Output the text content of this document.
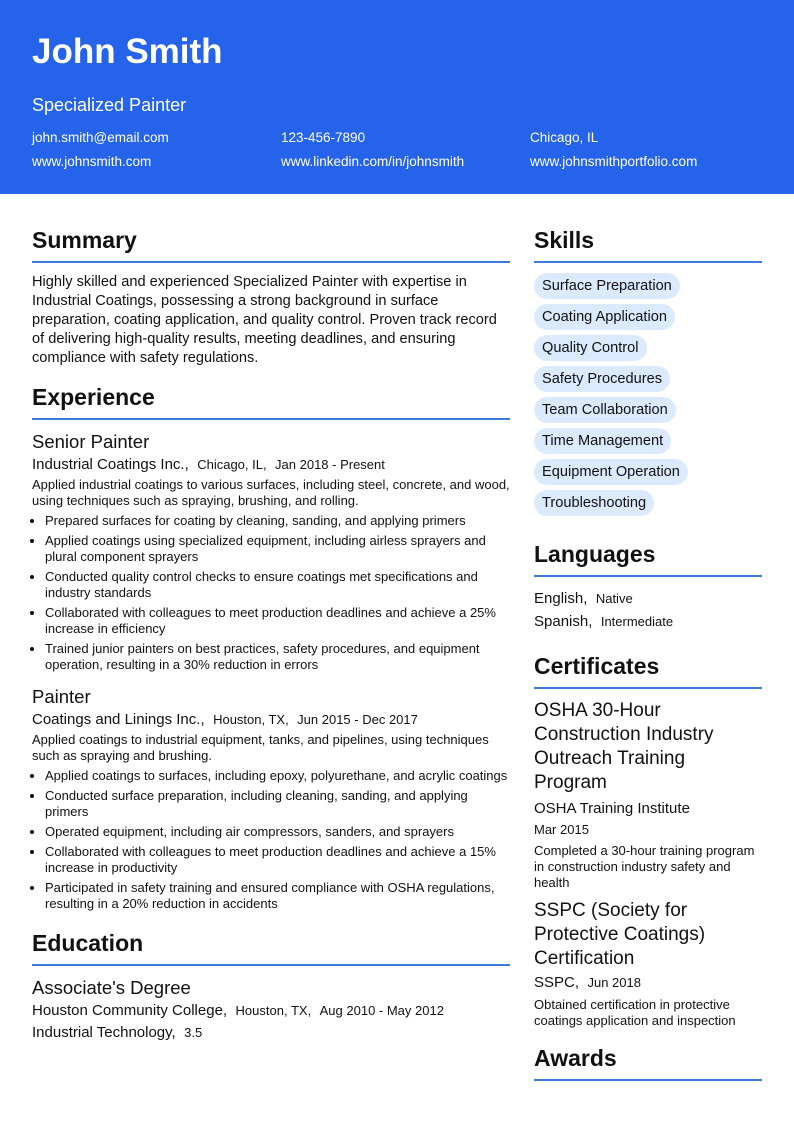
John Smith
Specialized Painter
john.smith@email.com	123-456-7890	Chicago, IL
www.johnsmith.com	www.linkedin.com/in/johnsmith	www.johnsmithportfolio.com
Summary
Highly skilled and experienced Specialized Painter with expertise in Industrial Coatings, possessing a strong background in surface preparation, coating application, and quality control. Proven track record of delivering high-quality results, meeting deadlines, and ensuring compliance with safety regulations.
Experience
Senior Painter
Industrial Coatings Inc., Chicago, IL, Jan 2018 - Present
Applied industrial coatings to various surfaces, including steel, concrete, and wood, using techniques such as spraying, brushing, and rolling.
• Prepared surfaces for coating by cleaning, sanding, and applying primers
• Applied coatings using specialized equipment, including airless sprayers and plural component sprayers
• Conducted quality control checks to ensure coatings met specifications and industry standards
• Collaborated with colleagues to meet production deadlines and achieve a 25% increase in efficiency
• Trained junior painters on best practices, safety procedures, and equipment operation, resulting in a 30% reduction in errors
Painter
Coatings and Linings Inc., Houston, TX, Jun 2015 - Dec 2017
Applied coatings to industrial equipment, tanks, and pipelines, using techniques such as spraying and brushing.
• Applied coatings to surfaces, including epoxy, polyurethane, and acrylic coatings
• Conducted surface preparation, including cleaning, sanding, and applying primers
• Operated equipment, including air compressors, sanders, and sprayers
• Collaborated with colleagues to meet production deadlines and achieve a 15% increase in productivity
• Participated in safety training and ensured compliance with OSHA regulations, resulting in a 20% reduction in accidents
Education
Associate's Degree
Houston Community College, Houston, TX, Aug 2010 - May 2012
Industrial Technology, 3.5
Skills
Surface Preparation
Coating Application
Quality Control
Safety Procedures
Team Collaboration
Time Management
Equipment Operation
Troubleshooting
Languages
English, Native
Spanish, Intermediate
Certificates
OSHA 30-Hour Construction Industry Outreach Training Program
OSHA Training Institute
Mar 2015
Completed a 30-hour training program in construction industry safety and health
SSPC (Society for Protective Coatings) Certification
SSPC, Jun 2018
Obtained certification in protective coatings application and inspection
Awards
